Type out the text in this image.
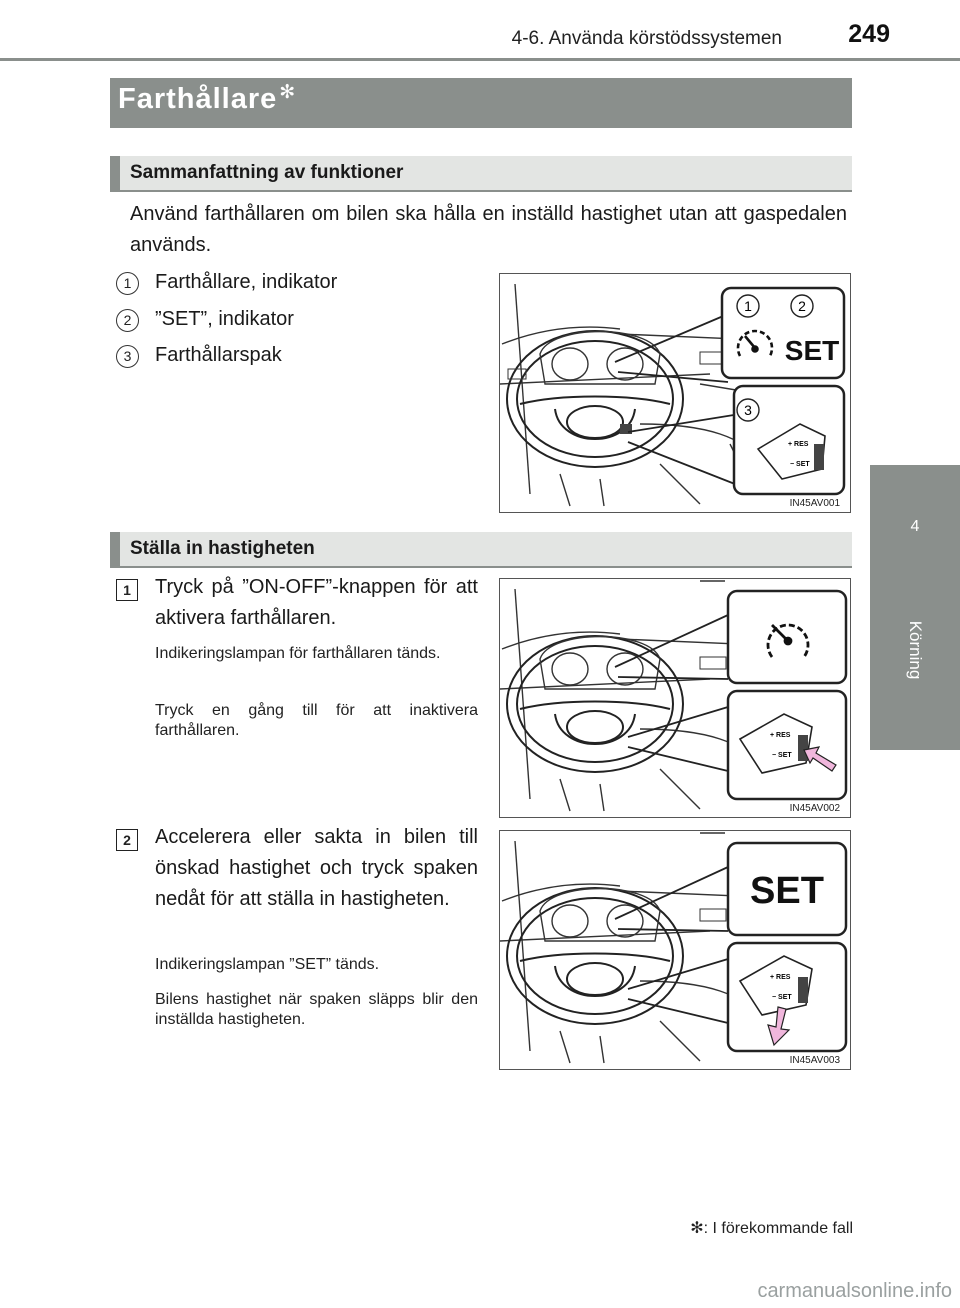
4-6. Använda körstödssystemen	249
4
Körning
Farthållare ✻
Sammanfattning av funktioner
Använd farthållaren om bilen ska hålla en inställd hastighet utan att gaspedalen används.
1	Farthållare, indikator
2	”SET”, indikator
3	Farthållarspak
1	2
SET
3
+ RES
− SET
IN45AV001
Ställa in hastigheten
1	Tryck på ”ON-OFF”-knappen för att aktivera farthållaren.
Indikeringslampan för farthållaren tänds.
Tryck en gång till för att inaktivera farthållaren.	+ RES
− SET
IN45AV002
2	Accelerera eller sakta in bilen till önskad hastighet och tryck spaken nedåt för att ställa in hastigheten.
Indikeringslampan ”SET” tänds.
Bilens hastighet när spaken släpps blir den inställda hastigheten.
SET
+ RES
− SET
IN45AV003
✻: I förekommande fall
carmanualsonline.info
